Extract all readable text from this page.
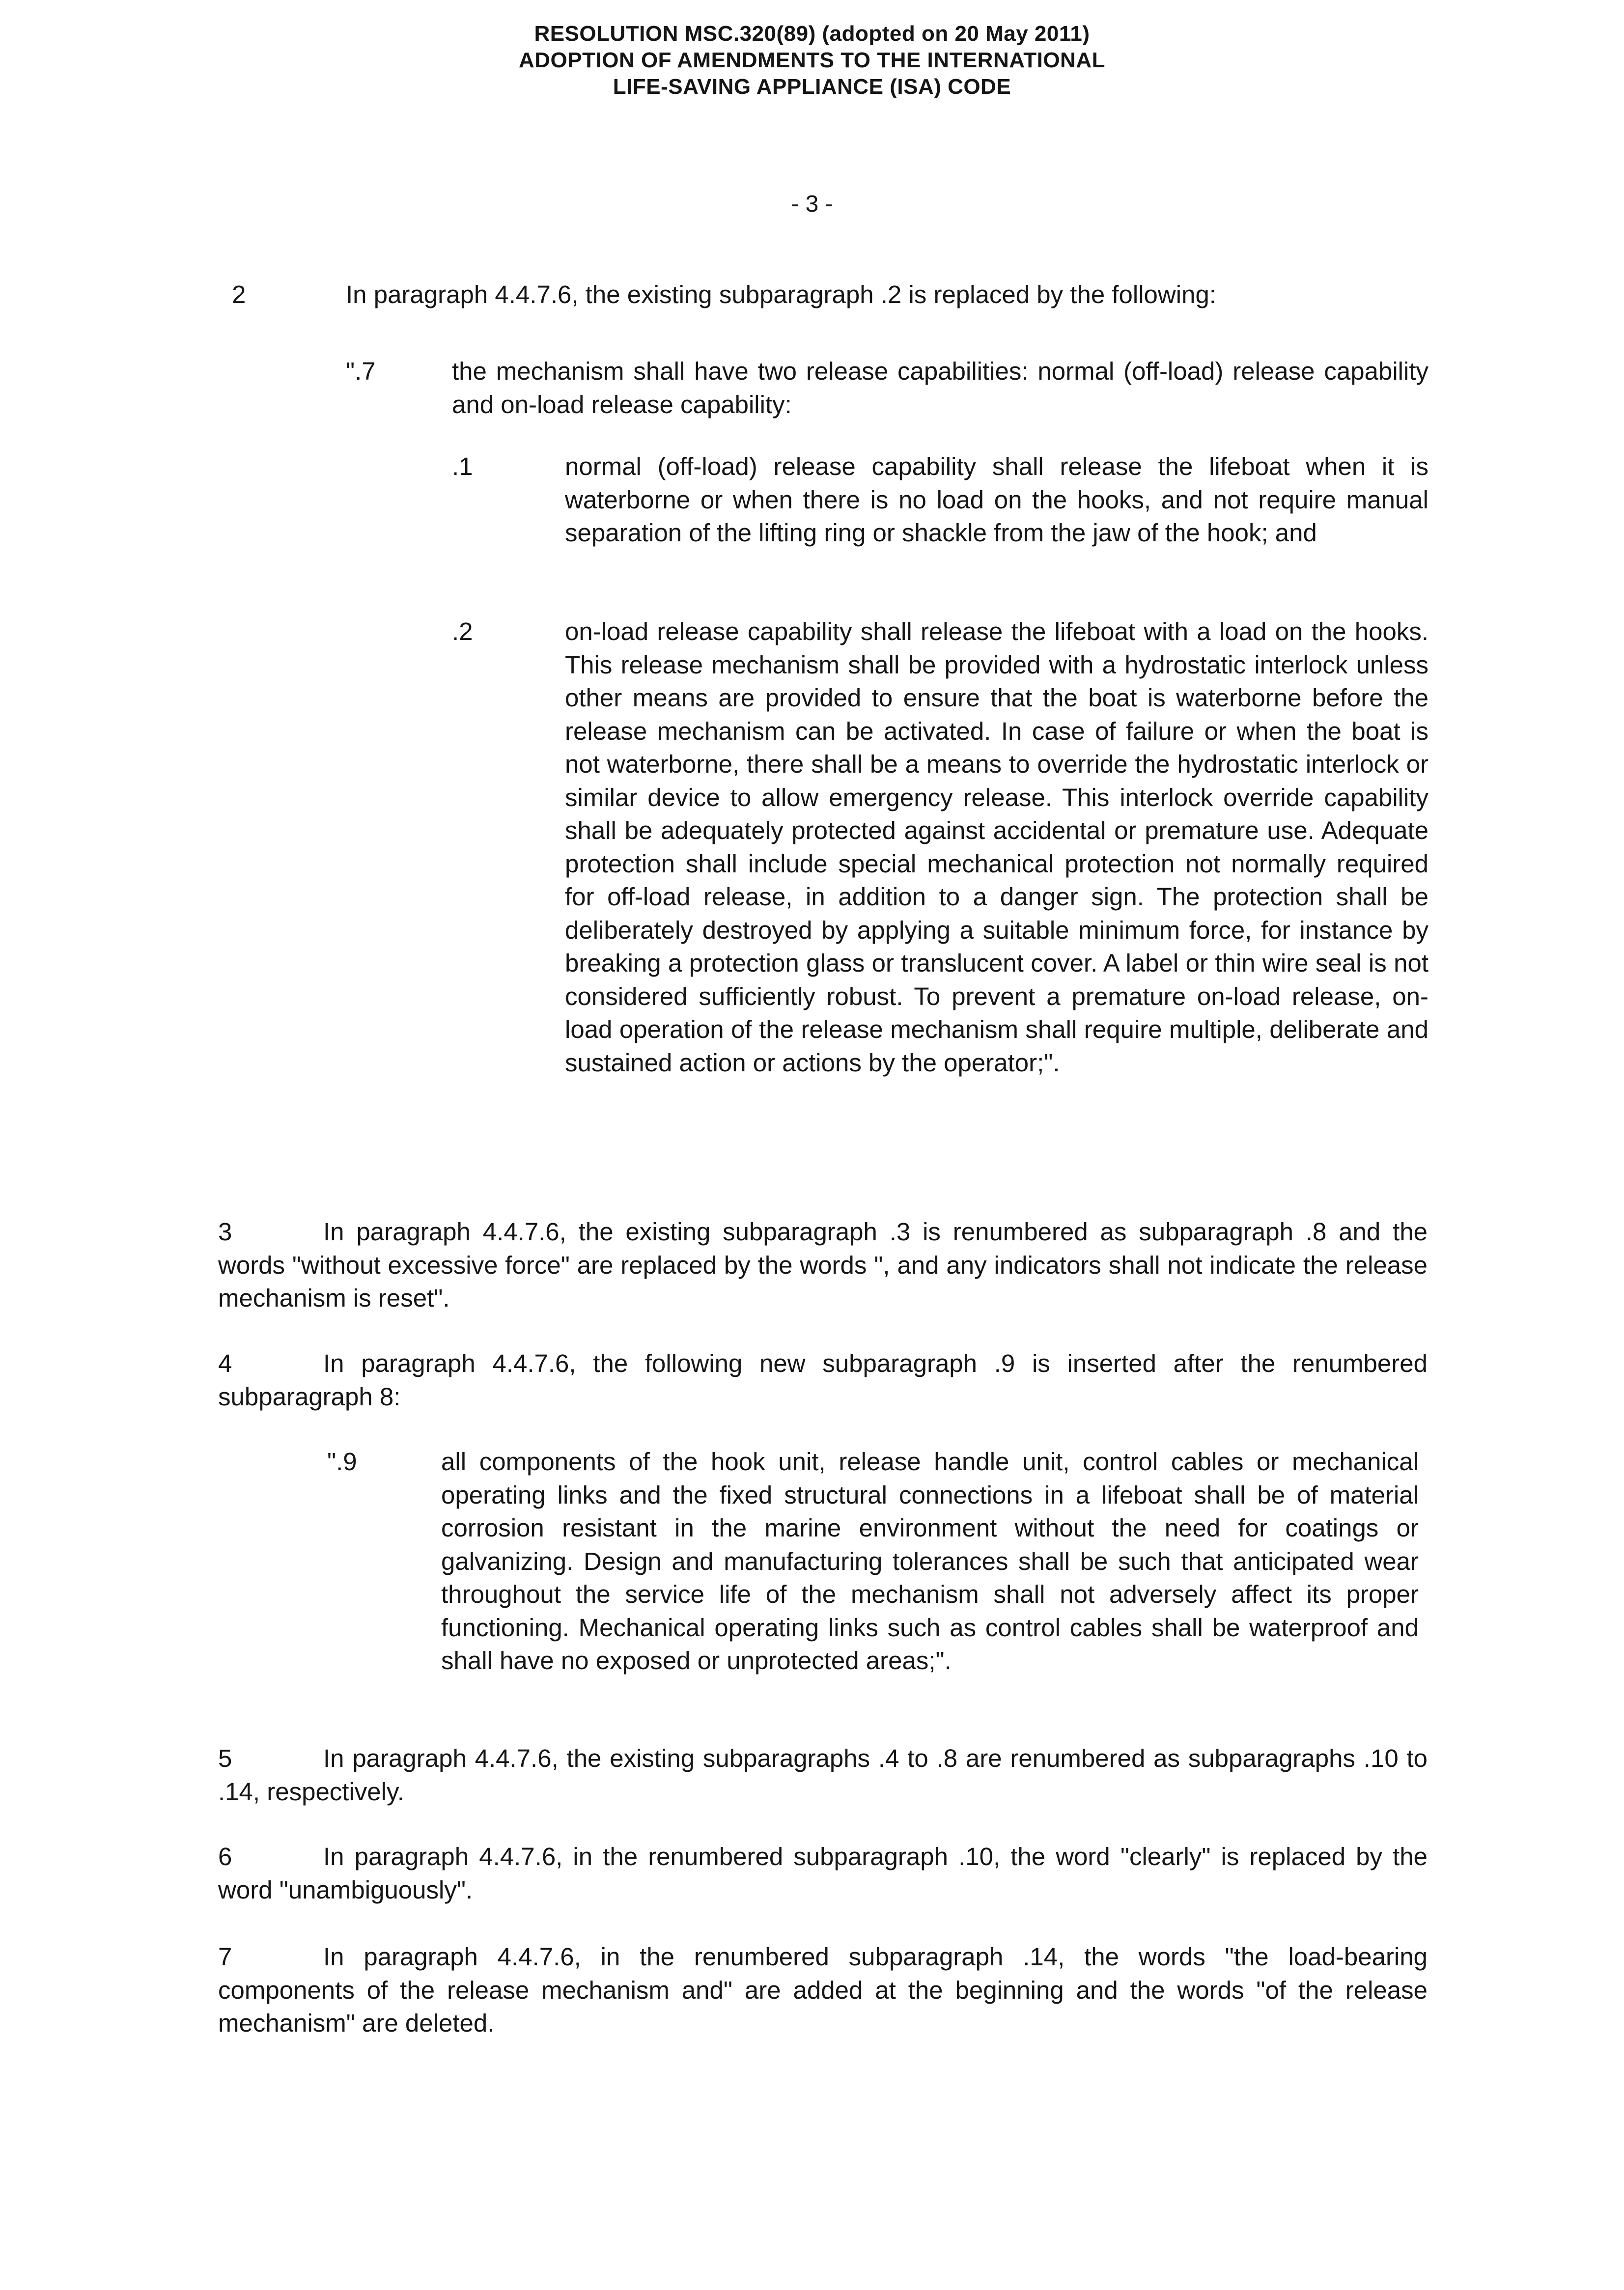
RESOLUTION MSC.320(89) (adopted on 20 May 2011)
ADOPTION OF AMENDMENTS TO THE INTERNATIONAL
LIFE-SAVING APPLIANCE (ISA) CODE
- 3 -
2	In paragraph 4.4.7.6, the existing subparagraph .2 is replaced by the following:
".7	the mechanism shall have two release capabilities: normal (off-load) release capability and on-load release capability:
.1	normal (off-load) release capability shall release the lifeboat when it is waterborne or when there is no load on the hooks, and not require manual separation of the lifting ring or shackle from the jaw of the hook; and
.2	on-load release capability shall release the lifeboat with a load on the hooks. This release mechanism shall be provided with a hydrostatic interlock unless other means are provided to ensure that the boat is waterborne before the release mechanism can be activated. In case of failure or when the boat is not waterborne, there shall be a means to override the hydrostatic interlock or similar device to allow emergency release. This interlock override capability shall be adequately protected against accidental or premature use. Adequate protection shall include special mechanical protection not normally required for off-load release, in addition to a danger sign. The protection shall be deliberately destroyed by applying a suitable minimum force, for instance by breaking a protection glass or translucent cover. A label or thin wire seal is not considered sufficiently robust. To prevent a premature on-load release, on-load operation of the release mechanism shall require multiple, deliberate and sustained action or actions by the operator;".
3	In paragraph 4.4.7.6, the existing subparagraph .3 is renumbered as subparagraph .8 and the words "without excessive force" are replaced by the words ", and any indicators shall not indicate the release mechanism is reset".
4	In paragraph 4.4.7.6, the following new subparagraph .9 is inserted after the renumbered subparagraph 8:
".9	all components of the hook unit, release handle unit, control cables or mechanical operating links and the fixed structural connections in a lifeboat shall be of material corrosion resistant in the marine environment without the need for coatings or galvanizing. Design and manufacturing tolerances shall be such that anticipated wear throughout the service life of the mechanism shall not adversely affect its proper functioning. Mechanical operating links such as control cables shall be waterproof and shall have no exposed or unprotected areas;".
5	In paragraph 4.4.7.6, the existing subparagraphs .4 to .8 are renumbered as subparagraphs .10 to .14, respectively.
6	In paragraph 4.4.7.6, in the renumbered subparagraph .10, the word "clearly" is replaced by the word "unambiguously".
7	In paragraph 4.4.7.6, in the renumbered subparagraph .14, the words "the load-bearing components of the release mechanism and" are added at the beginning and the words "of the release mechanism" are deleted.
